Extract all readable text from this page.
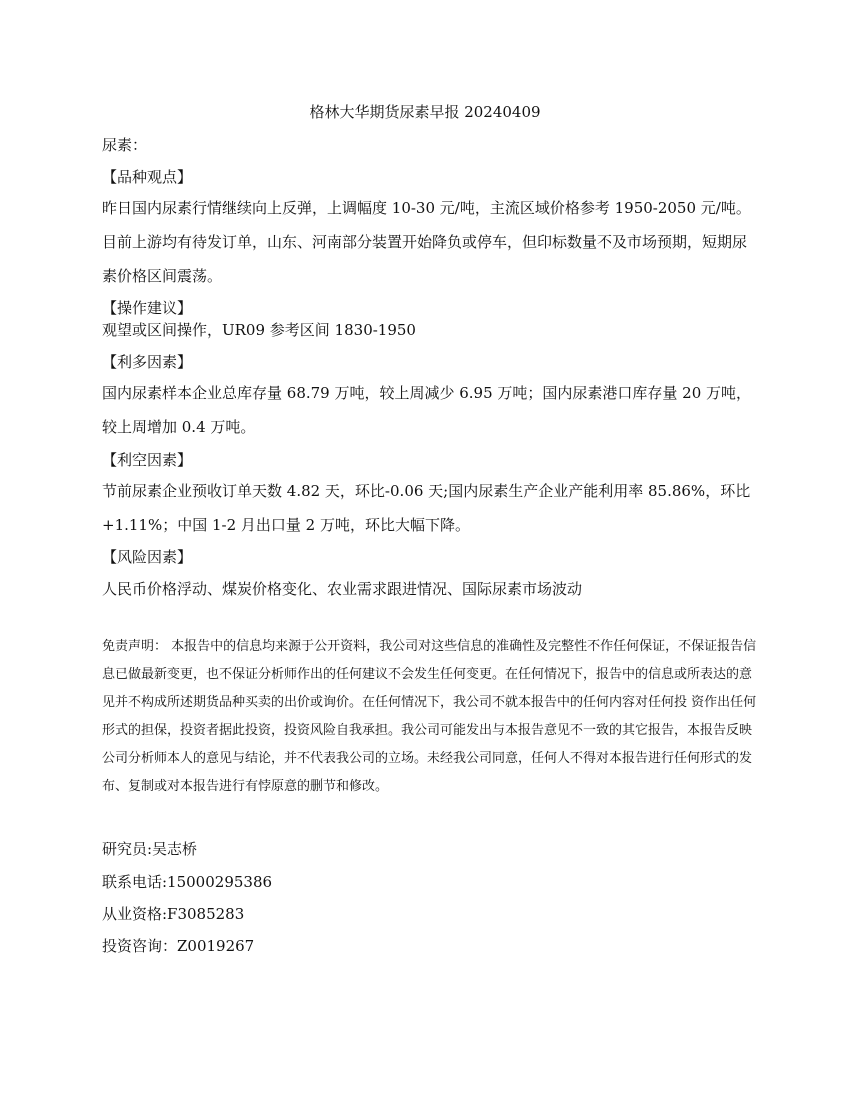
格林大华期货尿素早报 20240409
尿素：
【品种观点】
昨日国内尿素行情继续向上反弹，上调幅度 10-30 元/吨，主流区域价格参考 1950-2050 元/吨。目前上游均有待发订单，山东、河南部分装置开始降负或停车，但印标数量不及市场预期，短期尿素价格区间震荡。
【操作建议】
观望或区间操作，UR09 参考区间 1830-1950
【利多因素】
国内尿素样本企业总库存量 68.79 万吨，较上周减少 6.95 万吨；国内尿素港口库存量 20 万吨，较上周增加 0.4 万吨。
【利空因素】
节前尿素企业预收订单天数 4.82 天，环比-0.06 天;国内尿素生产企业产能利用率 85.86%，环比+1.11%；中国 1-2 月出口量 2 万吨，环比大幅下降。
【风险因素】
人民币价格浮动、煤炭价格变化、农业需求跟进情况、国际尿素市场波动
免责声明： 本报告中的信息均来源于公开资料，我公司对这些信息的准确性及完整性不作任何保证，不保证报告信息已做最新变更，也不保证分析师作出的任何建议不会发生任何变更。在任何情况下，报告中的信息或所表达的意见并不构成所述期货品种买卖的出价或询价。在任何情况下，我公司不就本报告中的任何内容对任何投 资作出任何形式的担保，投资者据此投资，投资风险自我承担。我公司可能发出与本报告意见不一致的其它报告，本报告反映公司分析师本人的意见与结论，并不代表我公司的立场。未经我公司同意，任何人不得对本报告进行任何形式的发布、复制或对本报告进行有悖原意的删节和修改。
研究员:吴志桥
联系电话:15000295386
从业资格:F3085283
投资咨询：Z0019267
